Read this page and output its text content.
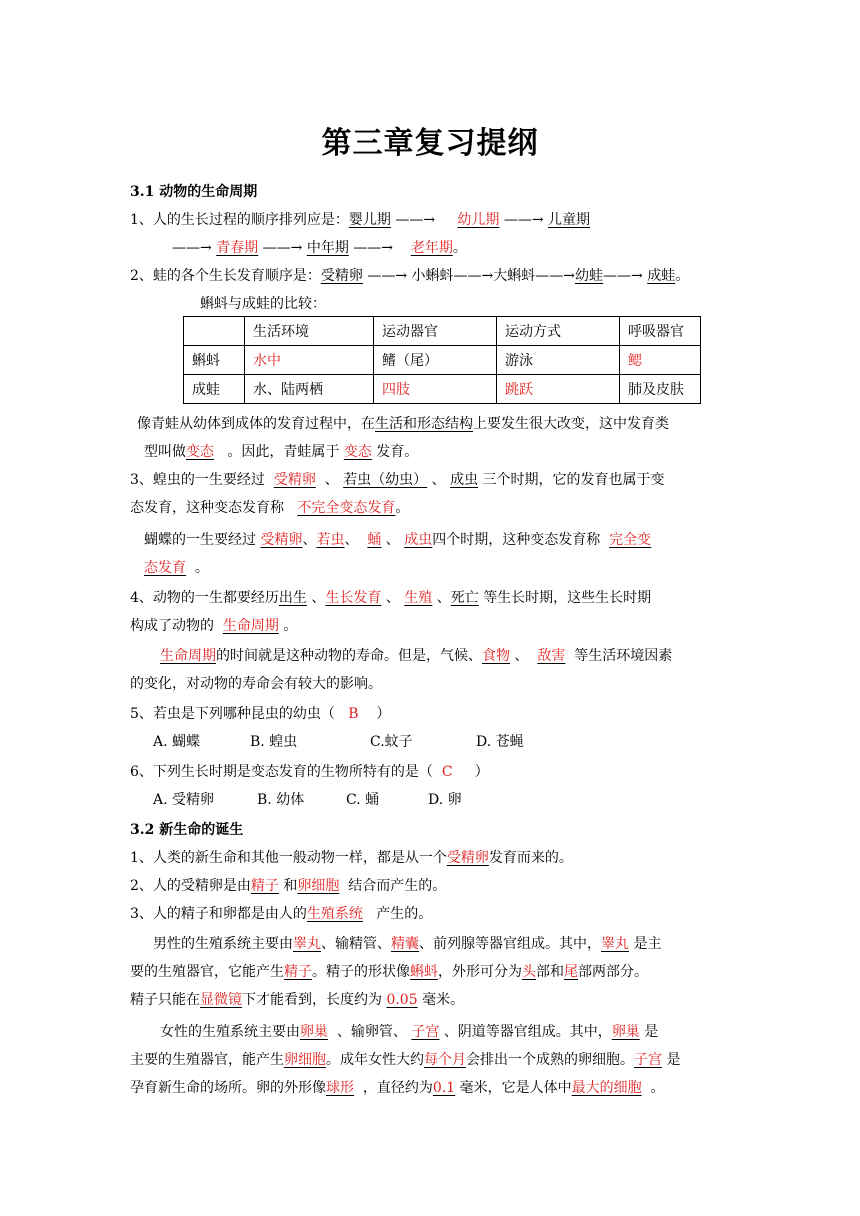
第三章复习提纲
3.1 动物的生命周期
1、人的生长过程的顺序排列应是：婴儿期 ——→     幼儿期 ——→ 儿童期
——→ 青春期 ——→ 中年期 ——→    老年期。
2、蛙的各个生长发育顺序是：受精卵 ——→ 小蝌蚪——→大蝌蚪——→幼蛙——→ 成蛙。
蝌蚪与成蛙的比较：
	生活环境	运动器官	运动方式	呼吸器官
蝌蚪	水中	鳍（尾）	游泳	鳃
成蛙	水、陆两栖	四肢	跳跃	肺及皮肤
像青蛙从幼体到成体的发育过程中，在生活和形态结构上要发生很大改变，这中发育类
型叫做变态 。因此，青蛙属于 变态 发育。
3、蝗虫的一生要经过 受精卵  、 若虫（幼虫） 、 成虫 三个时期，它的发育也属于变
态发育，这种变态发育称 不完全变态发育。
蝴蝶的一生要经过 受精卵、若虫、  蛹 、 成虫四个时期，这种变态发育称 完全变
态发育 。
4、动物的一生都要经历出生 、生长发育 、 生殖 、死亡 等生长时期，这些生长时期
构成了动物的 生命周期 。
生命周期的时间就是这种动物的寿命。但是，气候、食物 、  敌害 等生活环境因素
的变化，对动物的寿命会有较大的影响。
5、若虫是下列哪种昆虫的幼虫（ B ）
A. 蝴蝶	B. 蝗虫	C.蚊子	D. 苍蝇
6、下列生长时期是变态发育的生物所特有的是（ C ）
A. 受精卵	B. 幼体	C. 蛹	D. 卵
3.2 新生命的诞生
1、人类的新生命和其他一般动物一样，都是从一个受精卵发育而来的。
2、人的受精卵是由精子 和卵细胞 结合而产生的。
3、人的精子和卵都是由人的生殖系统 产生的。
男性的生殖系统主要由睾丸、输精管、精囊、前列腺等器官组成。其中，睾丸 是主
要的生殖器官，它能产生精子。精子的形状像蝌蚪，外形可分为头部和尾部两部分。
精子只能在显微镜下才能看到，长度约为 0.05 毫米。
女性的生殖系统主要由卵巢 、输卵管、 子宫 、阴道等器官组成。其中，卵巢 是
主要的生殖器官，能产生卵细胞。成年女性大约每个月会排出一个成熟的卵细胞。子宫 是
孕育新生命的场所。卵的外形像球形 ，直径约为0.1 毫米，它是人体中最大的细胞 。
